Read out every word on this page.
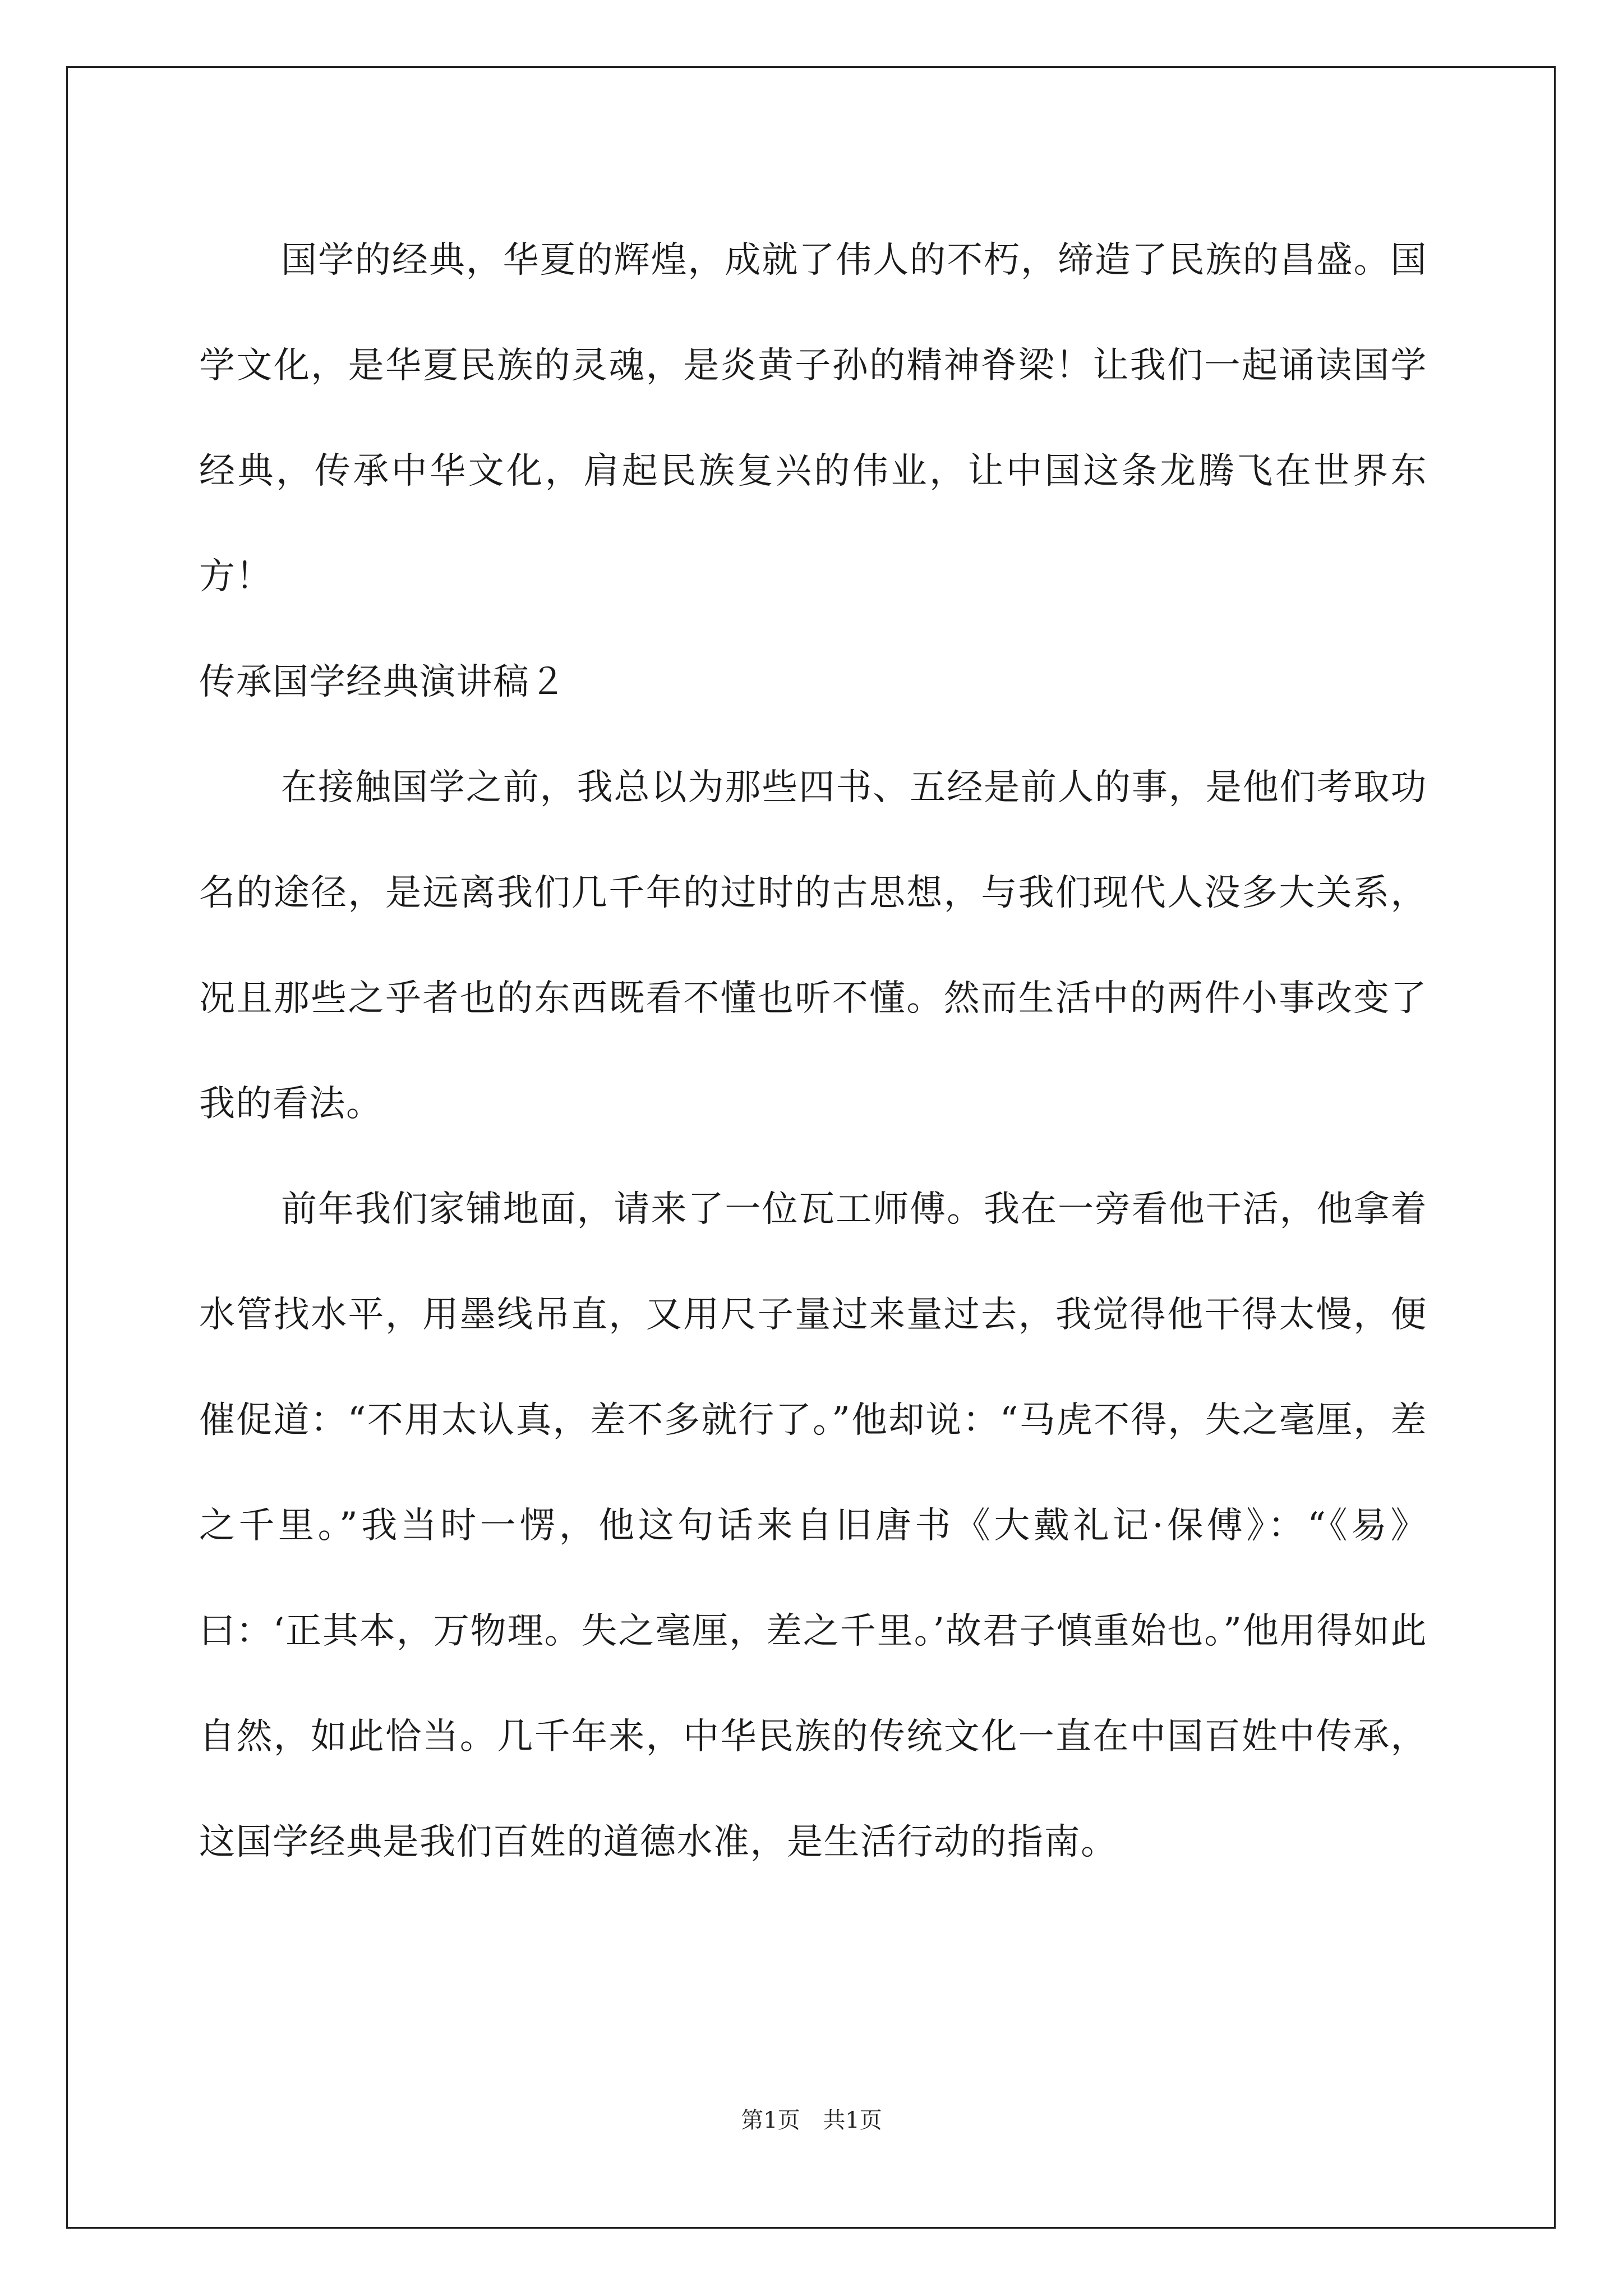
国学的经典，华夏的辉煌，成就了伟人的不朽，缔造了民族的昌盛。国学文化，是华夏民族的灵魂，是炎黄子孙的精神脊梁！让我们一起诵读国学经典，传承中华文化，肩起民族复兴的伟业，让中国这条龙腾飞在世界东方！

传承国学经典演讲稿２

在接触国学之前，我总以为那些四书、五经是前人的事，是他们考取功名的途径，是远离我们几千年的过时的古思想，与我们现代人没多大关系，况且那些之乎者也的东西既看不懂也听不懂。然而生活中的两件小事改变了我的看法。

前年我们家铺地面，请来了一位瓦工师傅。我在一旁看他干活，他拿着水管找水平，用墨线吊直，又用尺子量过来量过去，我觉得他干得太慢，便催促道：“不用太认真，差不多就行了。”他却说：“马虎不得，失之毫厘，差之千里。”我当时一愣，他这句话来自旧唐书《大戴礼记·保傅》：“《易》曰：‘正其本，万物理。失之毫厘，差之千里。’故君子慎重始也。”他用得如此自然，如此恰当。几千年来，中华民族的传统文化一直在中国百姓中传承，这国学经典是我们百姓的道德水准，是生活行动的指南。

第1页 共1页
